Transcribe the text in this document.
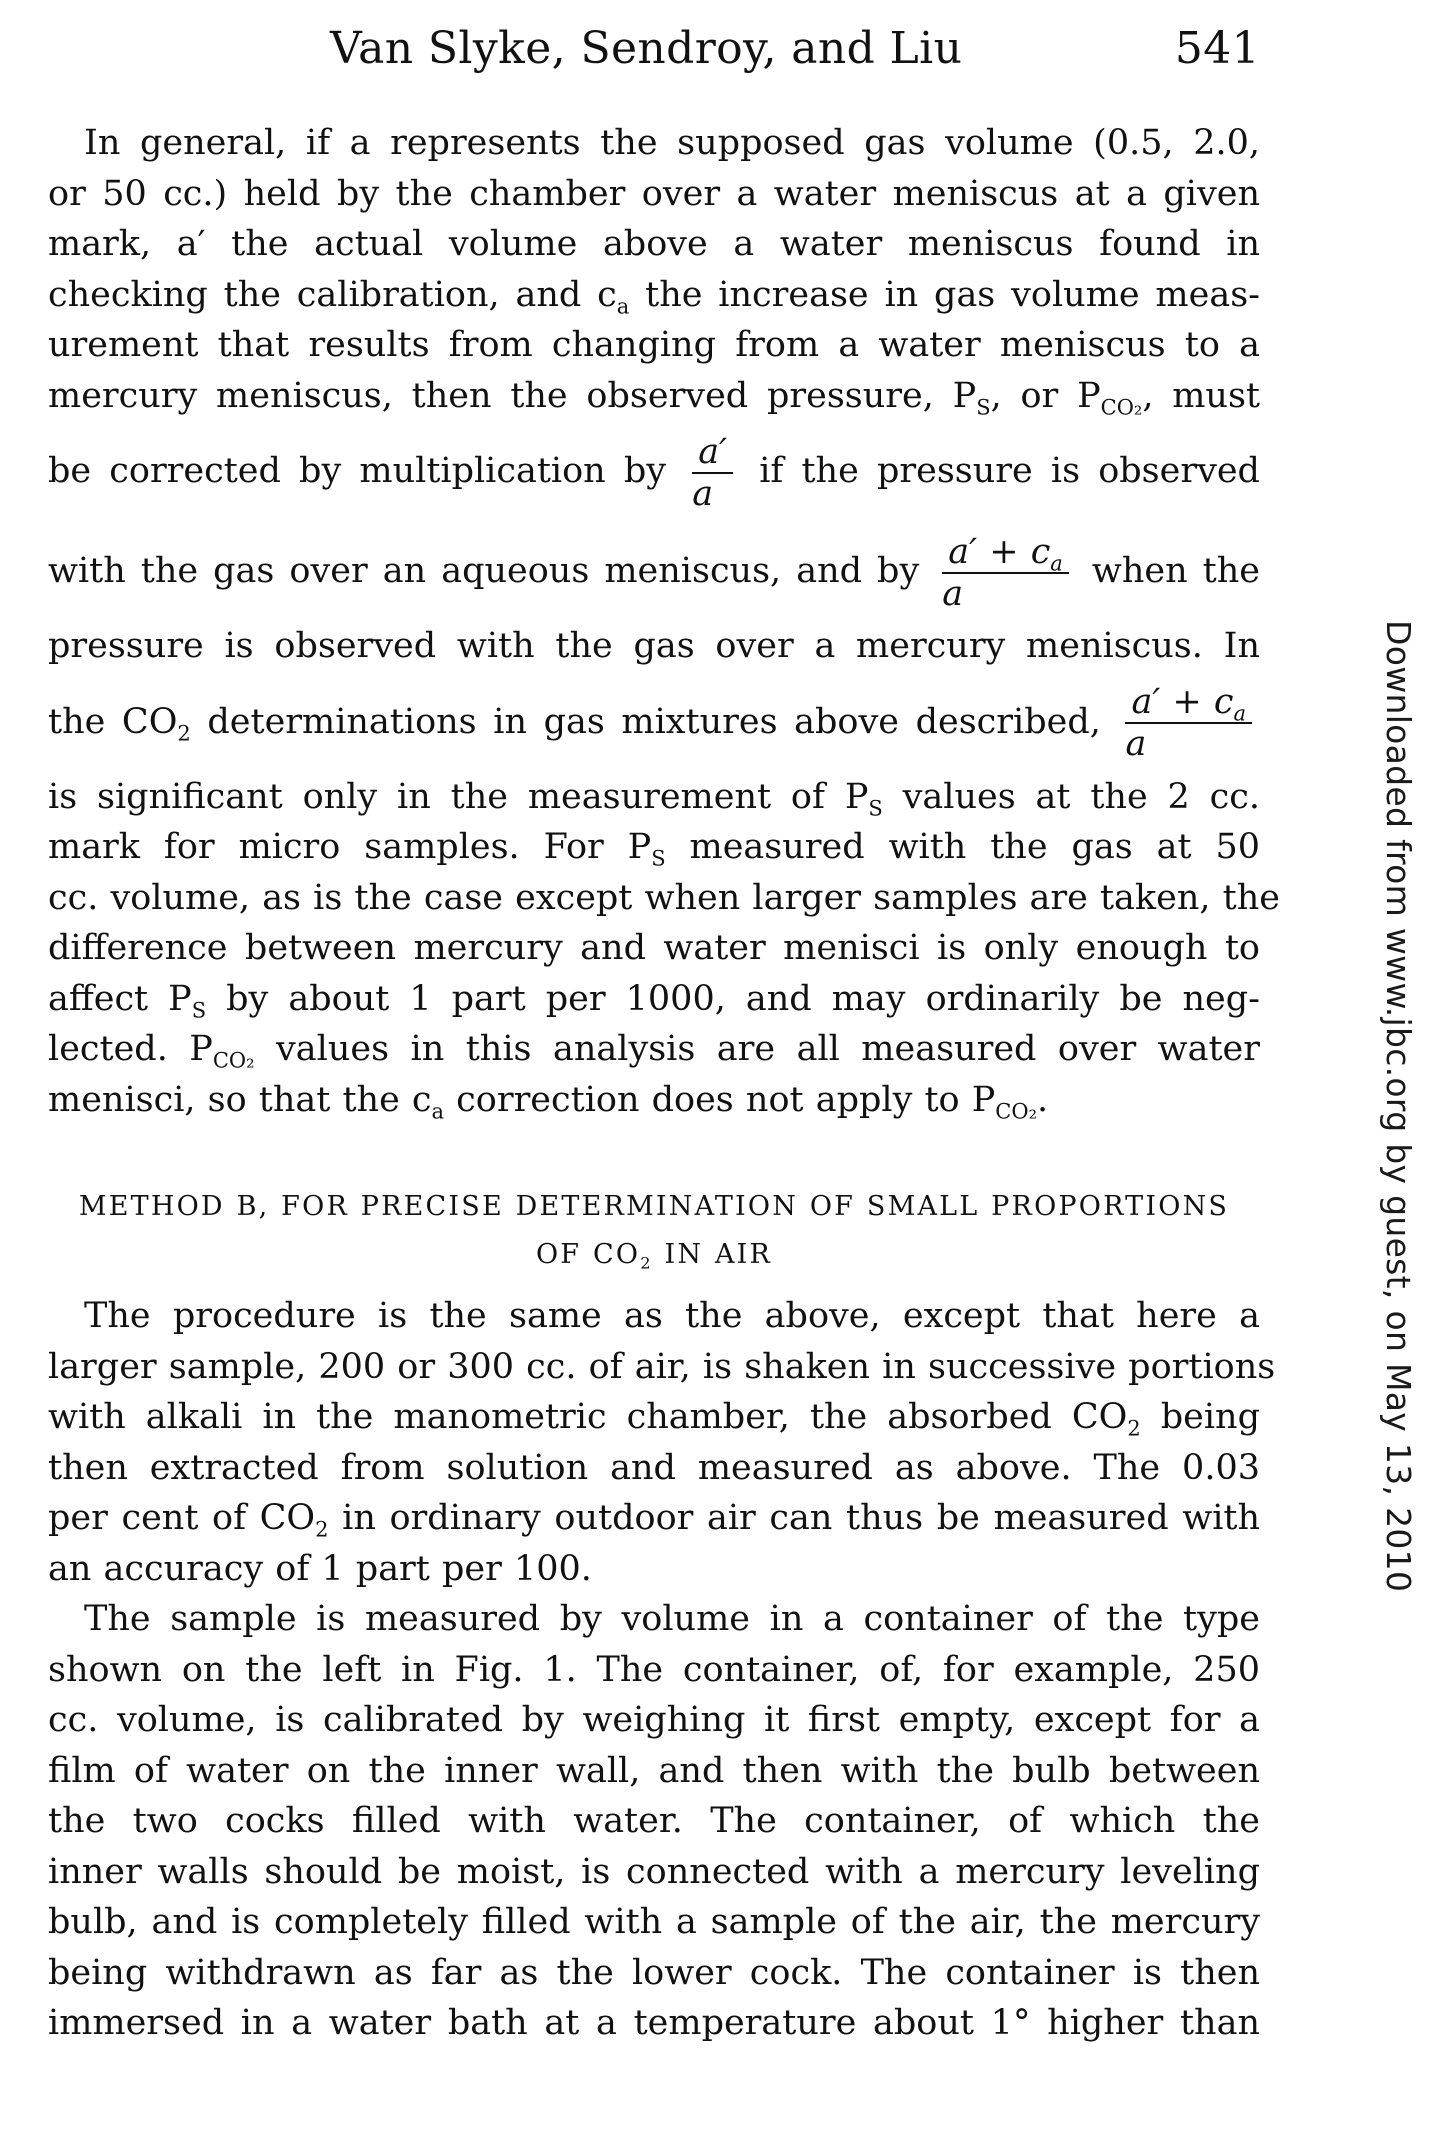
Van Slyke, Sendroy, and Liu	541

In general, if a represents the supposed gas volume (0.5, 2.0,
or 50 cc.) held by the chamber over a water meniscus at a given
mark, a′ the actual volume above a water meniscus found in
checking the calibration, and $c_a$ the increase in gas volume meas-
urement that results from changing from a water meniscus to a
mercury meniscus, then the observed pressure, $P_S$, or $P_{CO_2}$, must
be corrected by multiplication by $\frac{a'}{a}$ if the pressure is observed
with the gas over an aqueous meniscus, and by $\frac{a' + c_a}{a}$ when the
pressure is observed with the gas over a mercury meniscus. In
the $CO_2$ determinations in gas mixtures above described, $\frac{a' + c_a}{a}$
is significant only in the measurement of $P_S$ values at the 2 cc.
mark for micro samples. For $P_S$ measured with the gas at 50
cc. volume, as is the case except when larger samples are taken, the
difference between mercury and water menisci is only enough to
affect $P_S$ by about 1 part per 1000, and may ordinarily be neg-
lected. $P_{CO_2}$ values in this analysis are all measured over water
menisci, so that the $c_a$ correction does not apply to $P_{CO_2}$.

METHOD B, FOR PRECISE DETERMINATION OF SMALL PROPORTIONS
OF $CO_2$ IN AIR

The procedure is the same as the above, except that here a
larger sample, 200 or 300 cc. of air, is shaken in successive portions
with alkali in the manometric chamber, the absorbed $CO_2$ being
then extracted from solution and measured as above. The 0.03
per cent of $CO_2$ in ordinary outdoor air can thus be measured with
an accuracy of 1 part per 100.

The sample is measured by volume in a container of the type
shown on the left in Fig. 1. The container, of, for example, 250
cc. volume, is calibrated by weighing it first empty, except for a
film of water on the inner wall, and then with the bulb between
the two cocks filled with water. The container, of which the
inner walls should be moist, is connected with a mercury leveling
bulb, and is completely filled with a sample of the air, the mercury
being withdrawn as far as the lower cock. The container is then
immersed in a water bath at a temperature about 1° higher than

Downloaded from www.jbc.org by guest, on May 13, 2010
